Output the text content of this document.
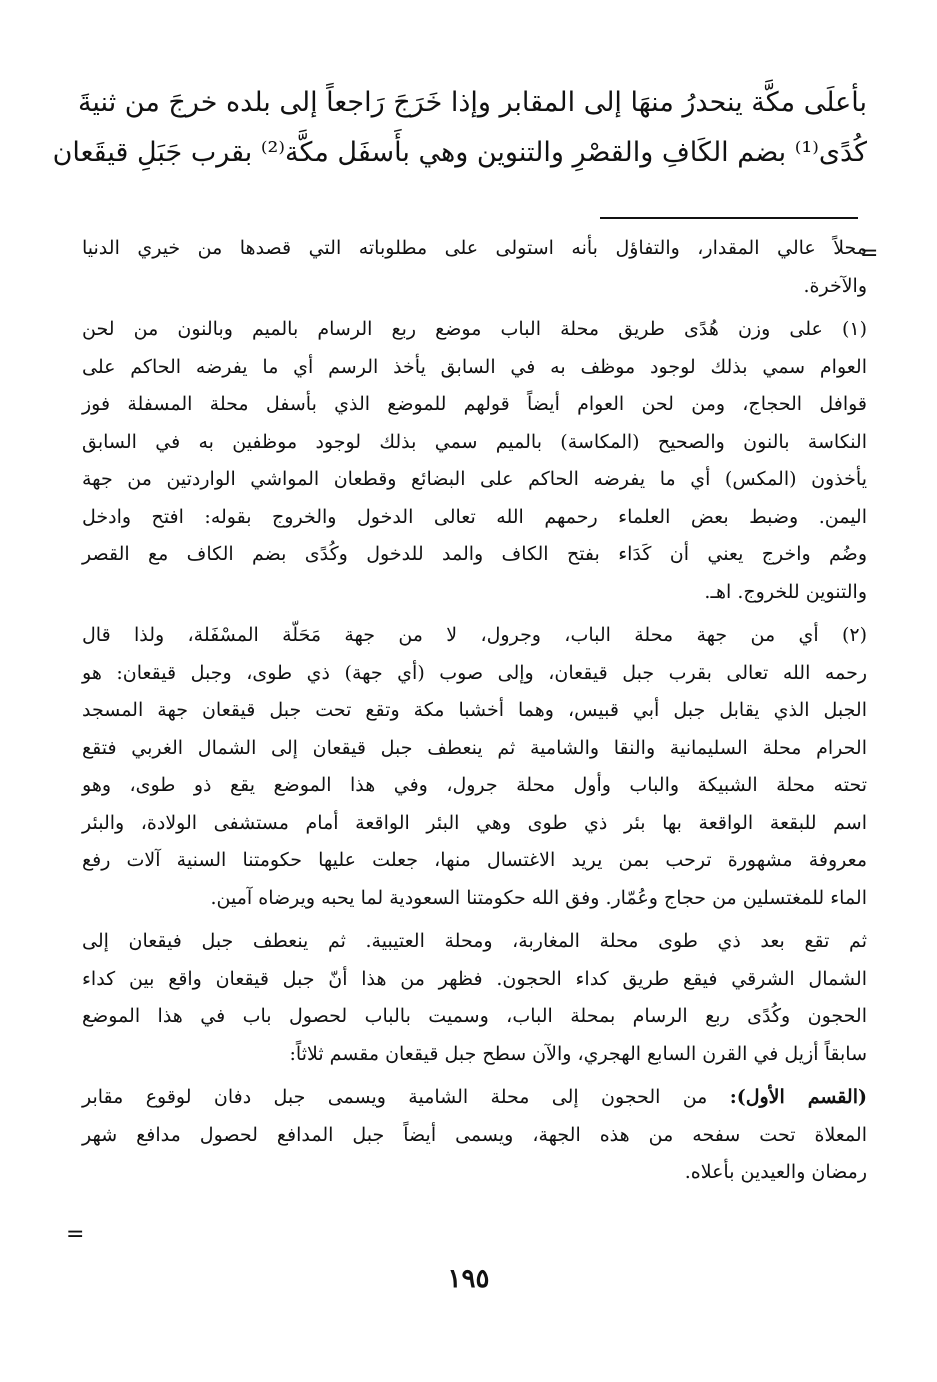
بأعلَى مكَّة ينحدرُ منهَا إلى المقابر وإذا خَرَجَ رَاجعاً إلى بلده خرجَ من ثنيةَ
كُدًى⁽¹⁾ بضم الكَافِ والقصْرِ والتنوين وهي بأَسفَل مكَّة⁽²⁾ بقرب جَبَلِ قيقَعان
=
محلاً عالي المقدار، والتفاؤل بأنه استولى على مطلوباته التي قصدها من خيري الدنيا
والآخرة.
(١) على وزن هُدًى طريق محلة الباب موضع ربع الرسام بالميم وبالنون من لحن
العوام سمي بذلك لوجود موظف به في السابق يأخذ الرسم أي ما يفرضه الحاكم على
قوافل الحجاج، ومن لحن العوام أيضاً قولهم للموضع الذي بأسفل محلة المسفلة فوز
النكاسة بالنون والصحيح (المكاسة) بالميم سمي بذلك لوجود موظفين به في السابق
يأخذون (المكس) أي ما يفرضه الحاكم على البضائع وقطعان المواشي الواردتين من جهة
اليمن. وضبط بعض العلماء رحمهم الله تعالى الدخول والخروج بقوله: افتح وادخل
وضُم واخرج يعني أن كَدَاء بفتح الكاف والمد للدخول وكُدًى بضم الكاف مع القصر
والتنوين للخروج. اهـ.
(٢) أي من جهة محلة الباب، وجرول، لا من جهة مَحَلّة المسْفَلة، ولذا قال
رحمه الله تعالى بقرب جبل قيقعان، وإلى صوب (أي جهة) ذي طوى، وجبل قيقعان: هو
الجبل الذي يقابل جبل أبي قبيس، وهما أخشبا مكة وتقع تحت جبل قيقعان جهة المسجد
الحرام محلة السليمانية والنقا والشامية ثم ينعطف جبل قيقعان إلى الشمال الغربي فتقع
تحته محلة الشبيكة والباب وأول محلة جرول، وفي هذا الموضع يقع ذو طوى، وهو
اسم للبقعة الواقعة بها بئر ذي طوى وهي البئر الواقعة أمام مستشفى الولادة، والبئر
معروفة مشهورة ترحب بمن يريد الاغتسال منها، جعلت عليها حكومتنا السنية آلات رفع
الماء للمغتسلين من حجاج وعُمّار. وفق الله حكومتنا السعودية لما يحبه ويرضاه آمين.
ثم تقع بعد ذي طوى محلة المغاربة، ومحلة العتيبية. ثم ينعطف جبل فيقعان إلى
الشمال الشرقي فيقع طريق كداء الحجون. فظهر من هذا أنّ جبل قيقعان واقع بين كداء
الحجون وكُدًى ربع الرسام بمحلة الباب، وسميت بالباب لحصول باب في هذا الموضع
سابقاً أزيل في القرن السابع الهجري، والآن سطح جبل قيقعان مقسم ثلاثاً:
(القسم الأول): من الحجون إلى محلة الشامية ويسمى جبل دفان لوقوع مقابر
المعلاة تحت سفحه من هذه الجهة، ويسمى أيضاً جبل المدافع لحصول مدافع شهر
رمضان والعيدين بأعلاه.
=
١٩٥
